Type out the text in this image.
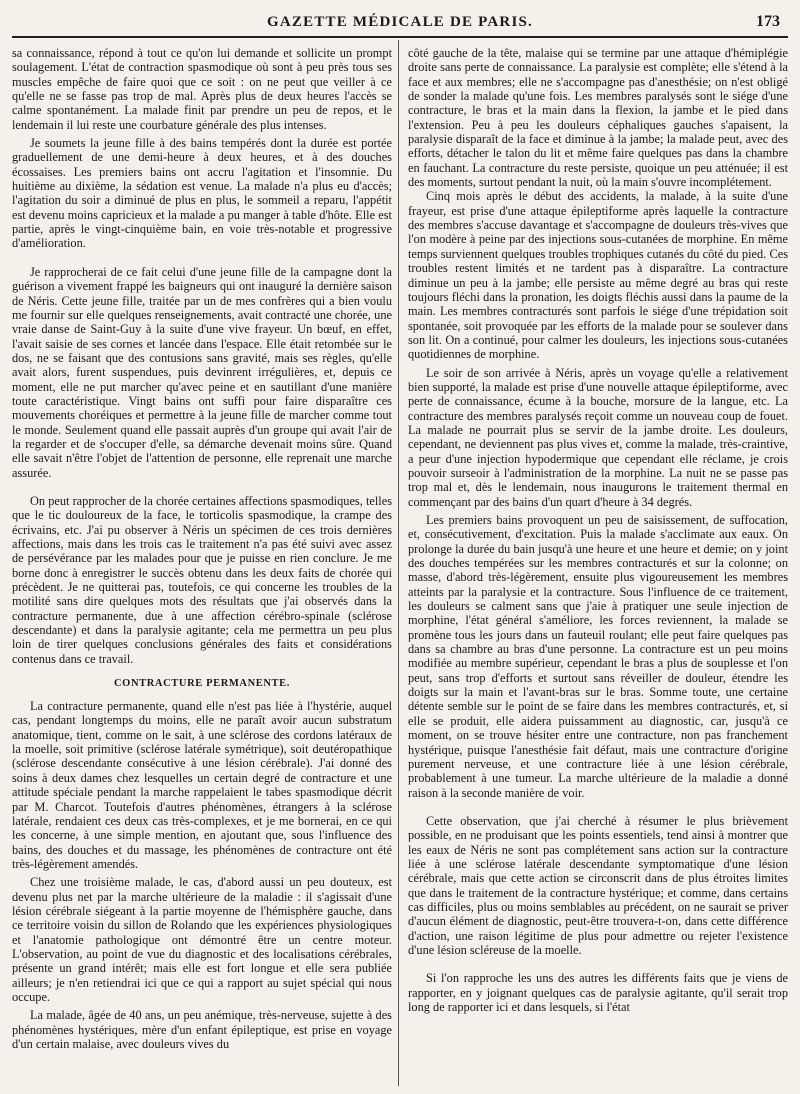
GAZETTE MÉDICALE DE PARIS.	173

sa connaissance, répond à tout ce qu'on lui demande et sollicite un prompt soulagement. L'état de contraction spasmodique où sont à peu près tous ses muscles empêche de faire quoi que ce soit : on ne peut que veiller à ce qu'elle ne se fasse pas trop de mal. Après plus de deux heures l'accès se calme spontanément. La malade finit par prendre un peu de repos, et le lendemain il lui reste une courbature générale des plus intenses.

Je soumets la jeune fille à des bains tempérés dont la durée est portée graduellement de une demi-heure à deux heures, et à des douches écossaises. Les premiers bains ont accru l'agitation et l'insomnie. Du huitième au dixième, la sédation est venue. La malade n'a plus eu d'accès; l'agitation du soir a diminué de plus en plus, le sommeil a reparu, l'appétit est devenu moins capricieux et la malade a pu manger à table d'hôte. Elle est partie, après le vingt-cinquième bain, en voie très-notable et progressive d'amélioration.

Je rapprocherai de ce fait celui d'une jeune fille de la campagne dont la guérison a vivement frappé les baigneurs qui ont inauguré la dernière saison de Néris. Cette jeune fille, traitée par un de mes confrères qui a bien voulu me fournir sur elle quelques renseignements, avait contracté une chorée, une vraie danse de Saint-Guy à la suite d'une vive frayeur. Un bœuf, en effet, l'avait saisie de ses cornes et lancée dans l'espace. Elle était retombée sur le dos, ne se faisant que des contusions sans gravité, mais ses règles, qu'elle avait alors, furent suspendues, puis devinrent irrégulières, et, depuis ce moment, elle ne put marcher qu'avec peine et en sautillant d'une manière toute caractéristique. Vingt bains ont suffi pour faire disparaître ces mouvements choréiques et permettre à la jeune fille de marcher comme tout le monde. Seulement quand elle passait auprès d'un groupe qui avait l'air de la regarder et de s'occuper d'elle, sa démarche devenait moins sûre. Quand elle savait n'être l'objet de l'attention de personne, elle reprenait une marche assurée.

On peut rapprocher de la chorée certaines affections spasmodiques, telles que le tic douloureux de la face, le torticolis spasmodique, la crampe des écrivains, etc. J'ai pu observer à Néris un spécimen de ces trois dernières affections, mais dans les trois cas le traitement n'a pas été suivi avec assez de persévérance par les malades pour que je puisse en rien conclure. Je me borne donc à enregistrer le succès obtenu dans les deux faits de chorée qui précèdent. Je ne quitterai pas, toutefois, ce qui concerne les troubles de la motilité sans dire quelques mots des résultats que j'ai observés dans la contracture permanente, due à une affection cérébro-spinale (sclérose descendante) et dans la paralysie agitante; cela me permettra un peu plus loin de tirer quelques conclusions générales des faits et considérations contenus dans ce travail.

CONTRACTURE PERMANENTE.

La contracture permanente, quand elle n'est pas liée à l'hystérie, auquel cas, pendant longtemps du moins, elle ne paraît avoir aucun substratum anatomique, tient, comme on le sait, à une sclérose des cordons latéraux de la moelle, soit primitive (sclérose latérale symétrique), soit deutéropathique (sclérose descendante consécutive à une lésion cérébrale). J'ai donné des soins à deux dames chez lesquelles un certain degré de contracture et une attitude spéciale pendant la marche rappelaient le tabes spasmodique décrit par M. Charcot. Toutefois d'autres phénomènes, étrangers à la sclérose latérale, rendaient ces deux cas très-complexes, et je me bornerai, en ce qui les concerne, à une simple mention, en ajoutant que, sous l'influence des bains, des douches et du massage, les phénomènes de contracture ont été très-légèrement amendés.

Chez une troisième malade, le cas, d'abord aussi un peu douteux, est devenu plus net par la marche ultérieure de la maladie : il s'agissait d'une lésion cérébrale siégeant à la partie moyenne de l'hémisphère gauche, dans ce territoire voisin du sillon de Rolando que les expériences physiologiques et l'anatomie pathologique ont démontré être un centre moteur. L'observation, au point de vue du diagnostic et des localisations cérébrales, présente un grand intérêt; mais elle est fort longue et elle sera publiée ailleurs; je n'en retiendrai ici que ce qui a rapport au sujet spécial qui nous occupe.

La malade, âgée de 40 ans, un peu anémique, très-nerveuse, sujette à des phénomènes hystériques, mère d'un enfant épileptique, est prise en voyage d'un certain malaise, avec douleurs vives du

côté gauche de la tête, malaise qui se termine par une attaque d'hémiplégie droite sans perte de connaissance. La paralysie est complète; elle s'étend à la face et aux membres; elle ne s'accompagne pas d'anesthésie; on n'est obligé de sonder la malade qu'une fois. Les membres paralysés sont le siége d'une contracture, le bras et la main dans la flexion, la jambe et le pied dans l'extension. Peu à peu les douleurs céphaliques gauches s'apaisent, la paralysie disparaît de la face et diminue à la jambe; la malade peut, avec des efforts, détacher le talon du lit et même faire quelques pas dans la chambre en fauchant. La contracture du reste persiste, quoique un peu atténuée; il est des moments, surtout pendant la nuit, où la main s'ouvre incomplétement.

Cinq mois après le début des accidents, la malade, à la suite d'une frayeur, est prise d'une attaque épileptiforme après laquelle la contracture des membres s'accuse davantage et s'accompagne de douleurs très-vives que l'on modère à peine par des injections sous-cutanées de morphine. En même temps surviennent quelques troubles trophiques cutanés du côté du pied. Ces troubles restent limités et ne tardent pas à disparaître. La contracture diminue un peu à la jambe; elle persiste au même degré au bras qui reste toujours fléchi dans la pronation, les doigts fléchis aussi dans la paume de la main. Les membres contracturés sont parfois le siége d'une trépidation soit spontanée, soit provoquée par les efforts de la malade pour se soulever dans son lit. On a continué, pour calmer les douleurs, les injections sous-cutanées quotidiennes de morphine.

Le soir de son arrivée à Néris, après un voyage qu'elle a relativement bien supporté, la malade est prise d'une nouvelle attaque épileptiforme, avec perte de connaissance, écume à la bouche, morsure de la langue, etc. La contracture des membres paralysés reçoit comme un nouveau coup de fouet. La malade ne pourrait plus se servir de la jambe droite. Les douleurs, cependant, ne deviennent pas plus vives et, comme la malade, très-craintive, a peur d'une injection hypodermique que cependant elle réclame, je crois pouvoir surseoir à l'administration de la morphine. La nuit ne se passe pas trop mal et, dès le lendemain, nous inaugurons le traitement thermal en commençant par des bains d'un quart d'heure à 34 degrés.

Les premiers bains provoquent un peu de saisissement, de suffocation, et, consécutivement, d'excitation. Puis la malade s'acclimate aux eaux. On prolonge la durée du bain jusqu'à une heure et une heure et demie; on y joint des douches tempérées sur les membres contracturés et sur la colonne; on masse, d'abord très-légèrement, ensuite plus vigoureusement les membres atteints par la paralysie et la contracture. Sous l'influence de ce traitement, les douleurs se calment sans que j'aie à pratiquer une seule injection de morphine, l'état général s'améliore, les forces reviennent, la malade se promène tous les jours dans un fauteuil roulant; elle peut faire quelques pas dans sa chambre au bras d'une personne. La contracture est un peu moins modifiée au membre supérieur, cependant le bras a plus de souplesse et l'on peut, sans trop d'efforts et surtout sans réveiller de douleur, étendre les doigts sur la main et l'avant-bras sur le bras. Somme toute, une certaine détente semble sur le point de se faire dans les membres contracturés, et, si elle se produit, elle aidera puissamment au diagnostic, car, jusqu'à ce moment, on se trouve hésiter entre une contracture, non pas franchement hystérique, puisque l'anesthésie fait défaut, mais une contracture d'origine purement nerveuse, et une contracture liée à une lésion cérébrale, probablement à une tumeur. La marche ultérieure de la maladie a donné raison à la seconde manière de voir.

Cette observation, que j'ai cherché à résumer le plus brièvement possible, en ne produisant que les points essentiels, tend ainsi à montrer que les eaux de Néris ne sont pas complétement sans action sur la contracture liée à une sclérose latérale descendante symptomatique d'une lésion cérébrale, mais que cette action se circonscrit dans de plus étroites limites que dans le traitement de la contracture hystérique; et comme, dans certains cas difficiles, plus ou moins semblables au précédent, on ne saurait se priver d'aucun élément de diagnostic, peut-être trouvera-t-on, dans cette différence d'action, une raison légitime de plus pour admettre ou rejeter l'existence d'une lésion scléreuse de la moelle.

Si l'on rapproche les uns des autres les différents faits que je viens de rapporter, en y joignant quelques cas de paralysie agitante, qu'il serait trop long de rapporter ici et dans lesquels, si l'état
